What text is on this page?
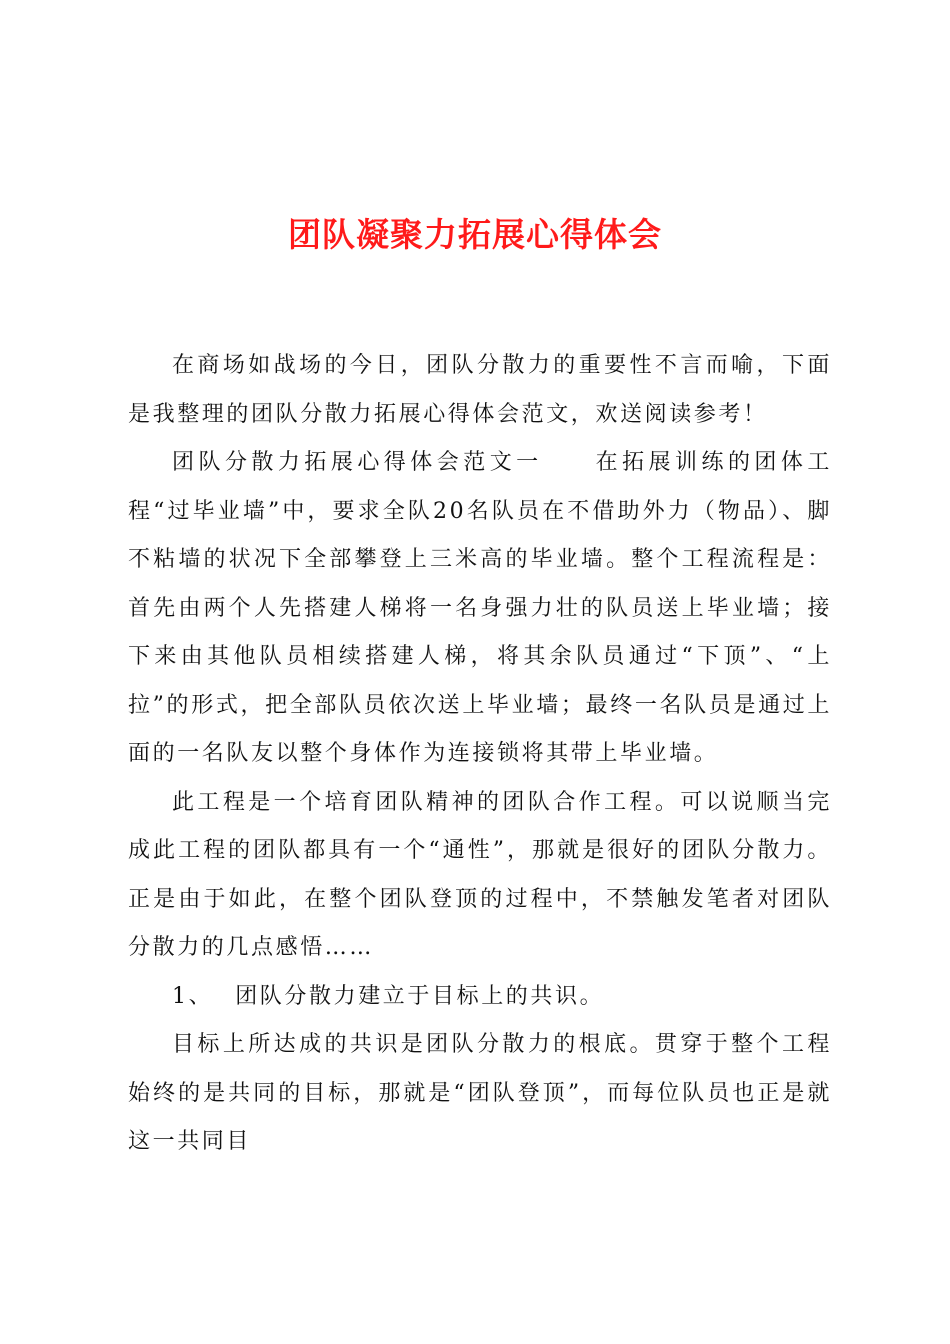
团队凝聚力拓展心得体会

在商场如战场的今日，团队分散力的重要性不言而喻，下面是我整理的团队分散力拓展心得体会范文，欢送阅读参考！

团队分散力拓展心得体会范文一　　在拓展训练的团体工程“过毕业墙”中，要求全队20名队员在不借助外力（物品）、脚不粘墙的状况下全部攀登上三米高的毕业墙。整个工程流程是：首先由两个人先搭建人梯将一名身强力壮的队员送上毕业墙；接下来由其他队员相续搭建人梯，将其余队员通过“下顶”、“上拉”的形式，把全部队员依次送上毕业墙；最终一名队员是通过上面的一名队友以整个身体作为连接锁将其带上毕业墙。

此工程是一个培育团队精神的团队合作工程。可以说顺当完成此工程的团队都具有一个“通性”，那就是很好的团队分散力。正是由于如此，在整个团队登顶的过程中，不禁触发笔者对团队分散力的几点感悟……

1、 团队分散力建立于目标上的共识。

目标上所达成的共识是团队分散力的根底。贯穿于整个工程始终的是共同的目标，那就是“团队登顶”，而每位队员也正是就这一共同目
